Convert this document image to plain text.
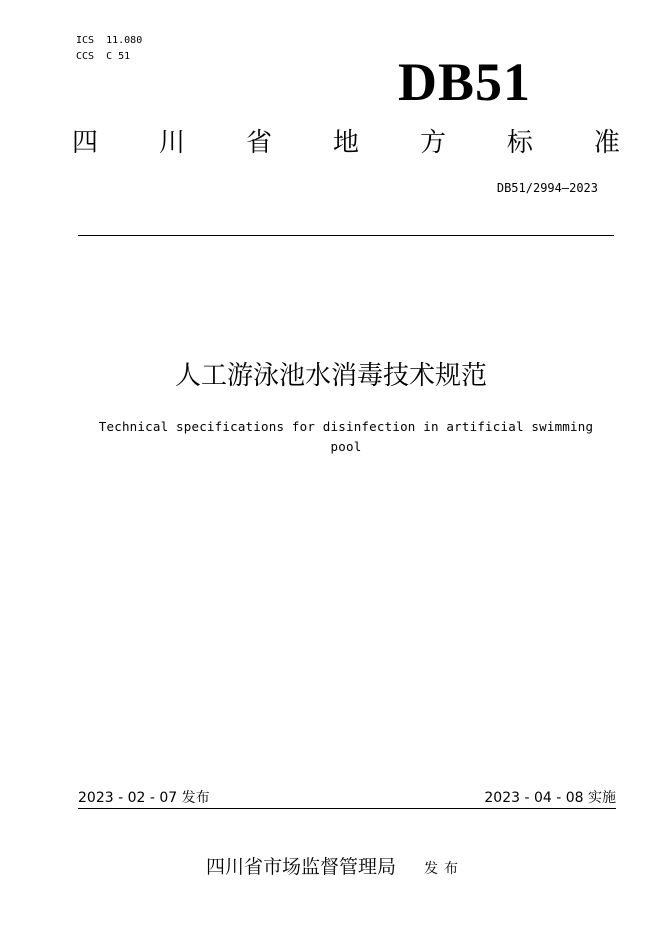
ICS  11.080
CCS  C 51	DB51
四 川 省 地 方 标 准
DB51/2994—2023
人工游泳池水消毒技术规范
Technical specifications for disinfection in artificial swimming pool
2023 - 02 - 07 发布	2023 - 04 - 08 实施
四川省市场监督管理局 发布
